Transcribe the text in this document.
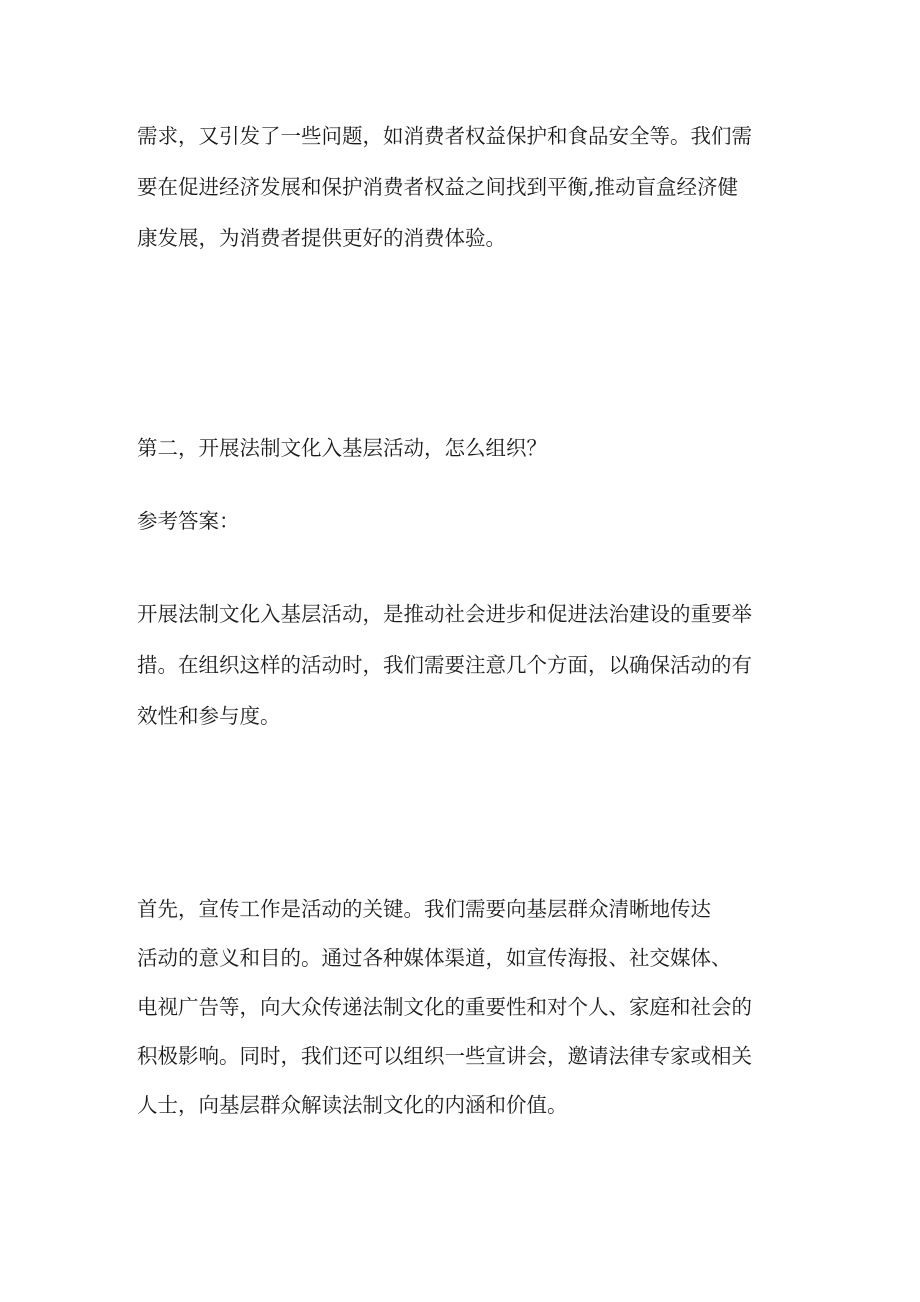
需求，又引发了一些问题，如消费者权益保护和食品安全等。我们需
要在促进经济发展和保护消费者权益之间找到平衡,推动盲盒经济健
康发展，为消费者提供更好的消费体验。

第二，开展法制文化入基层活动，怎么组织？

参考答案：

开展法制文化入基层活动，是推动社会进步和促进法治建设的重要举
措。在组织这样的活动时，我们需要注意几个方面，以确保活动的有
效性和参与度。

首先，宣传工作是活动的关键。我们需要向基层群众清晰地传达
活动的意义和目的。通过各种媒体渠道，如宣传海报、社交媒体、
电视广告等，向大众传递法制文化的重要性和对个人、家庭和社会的
积极影响。同时，我们还可以组织一些宣讲会，邀请法律专家或相关
人士，向基层群众解读法制文化的内涵和价值。
